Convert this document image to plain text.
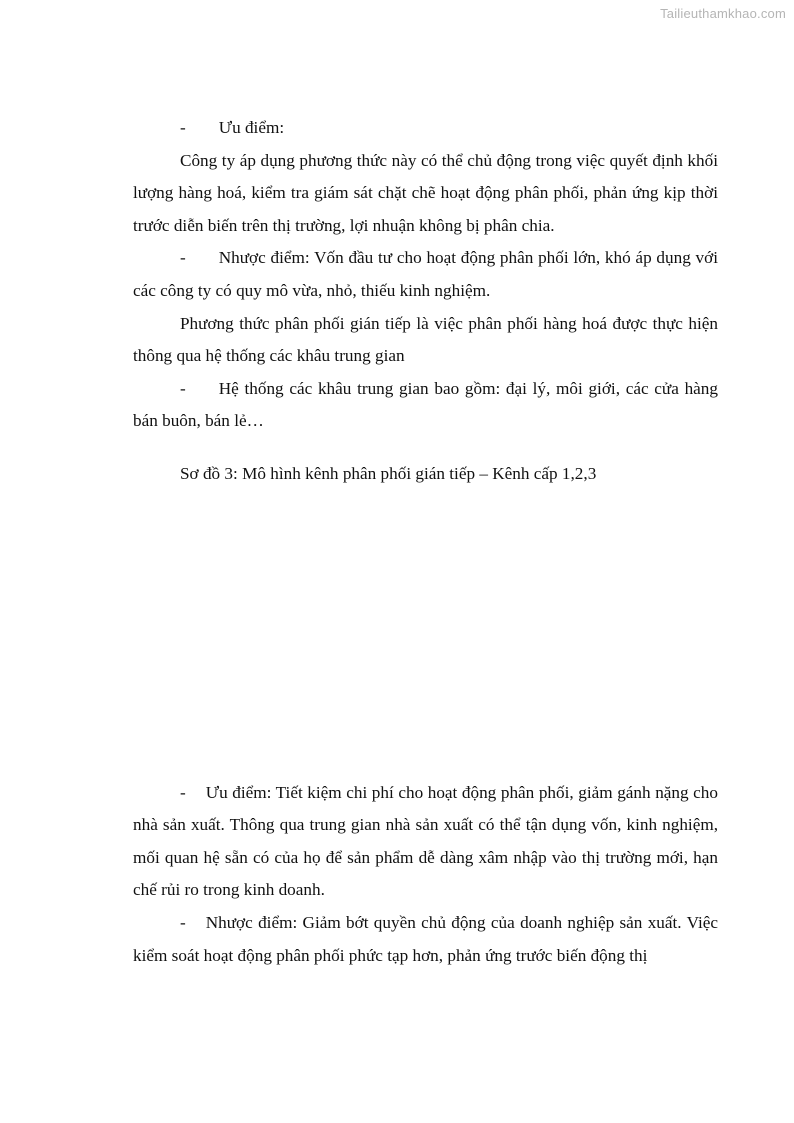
Tailieuthamkhao.com

- Ưu điểm:

Công ty áp dụng phương thức này có thể chủ động trong việc quyết định khối lượng hàng hoá, kiểm tra giám sát chặt chẽ hoạt động phân phối, phản ứng kịp thời trước diễn biến trên thị trường, lợi nhuận không bị phân chia.

- Nhược điểm: Vốn đầu tư cho hoạt động phân phối lớn, khó áp dụng với các công ty có quy mô vừa, nhỏ, thiếu kinh nghiệm.

Phương thức phân phối gián tiếp là việc phân phối hàng hoá được thực hiện thông qua hệ thống các khâu trung gian

- Hệ thống các khâu trung gian bao gồm: đại lý, môi giới, các cửa hàng bán buôn, bán lẻ…

Sơ đồ 3: Mô hình kênh phân phối gián tiếp – Kênh cấp 1,2,3

- Ưu điểm: Tiết kiệm chi phí cho hoạt động phân phối, giảm gánh nặng cho nhà sản xuất. Thông qua trung gian nhà sản xuất có thể tận dụng vốn, kinh nghiệm, mối quan hệ sẵn có của họ để sản phẩm dễ dàng xâm nhập vào thị trường mới, hạn chế rủi ro trong kinh doanh.

- Nhược điểm: Giảm bớt quyền chủ động của doanh nghiệp sản xuất. Việc kiểm soát hoạt động phân phối phức tạp hơn, phản ứng trước biến động thị
